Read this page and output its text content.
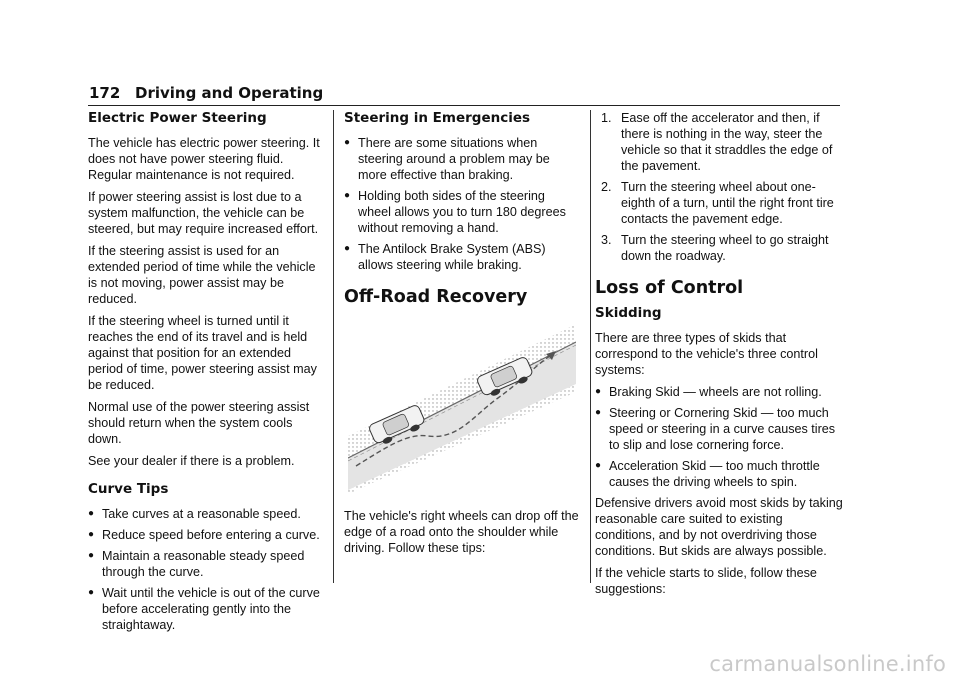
172 Driving and Operating
Electric Power Steering

The vehicle has electric power steering. It does not have power steering fluid. Regular maintenance is not required.

If power steering assist is lost due to a system malfunction, the vehicle can be steered, but may require increased effort.

If the steering assist is used for an extended period of time while the vehicle is not moving, power assist may be reduced.

If the steering wheel is turned until it reaches the end of its travel and is held against that position for an extended period of time, power steering assist may be reduced.

Normal use of the power steering assist should return when the system cools down.

See your dealer if there is a problem.

Curve Tips
● Take curves at a reasonable speed.
● Reduce speed before entering a curve.
● Maintain a reasonable steady speed through the curve.
● Wait until the vehicle is out of the curve before accelerating gently into the straightaway.
Steering in Emergencies
● There are some situations when steering around a problem may be more effective than braking.
● Holding both sides of the steering wheel allows you to turn 180 degrees without removing a hand.
● The Antilock Brake System (ABS) allows steering while braking.
Off-Road Recovery

The vehicle's right wheels can drop off the edge of a road onto the shoulder while driving. Follow these tips:

1. Ease off the accelerator and then, if there is nothing in the way, steer the vehicle so that it straddles the edge of the pavement.
2. Turn the steering wheel about one-eighth of a turn, until the right front tire contacts the pavement edge.
3. Turn the steering wheel to go straight down the roadway.
Loss of Control
Skidding

There are three types of skids that correspond to the vehicle's three control systems:

● Braking Skid — wheels are not rolling.
● Steering or Cornering Skid — too much speed or steering in a curve causes tires to slip and lose cornering force.
● Acceleration Skid — too much throttle causes the driving wheels to spin.

Defensive drivers avoid most skids by taking reasonable care suited to existing conditions, and by not overdriving those conditions. But skids are always possible.

If the vehicle starts to slide, follow these suggestions:

carmanualsonline.info
